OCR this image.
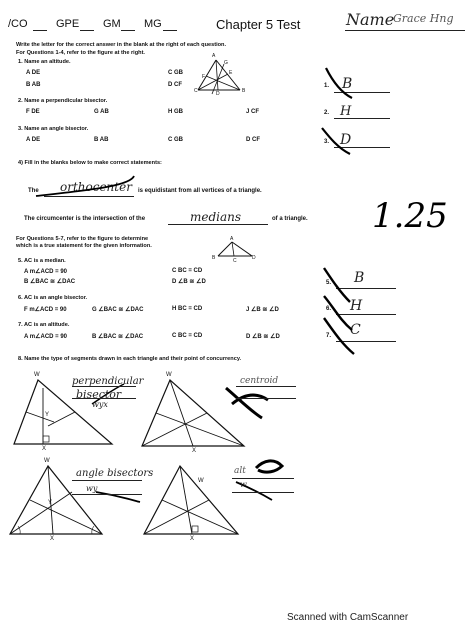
/CO	GPE GM MG	Chapter 5 Test	Name
Grace Hng
Write the letter for the correct answer in the blank at the right of each question.
For Questions 1-4, refer to the figure at the right.
1. Name an altitude.
A DE	C GB
B AB	D CF	1. B
A
C	B
D
E
F
G
2. Name a perpendicular bisector.
F DE	G AB	H GB	J CF	2. H
3. Name an angle bisector.
A DE	B AB	C GB	D CF	3. D
4) Fill in the blanks below to make correct statements:
The orthocenter is equidistant from all vertices of a triangle.
The circumcenter is the intersection of the	medians	of a triangle. 1.25
For Questions 5-7, refer to the figure to determine
which is a true statement for the given information.
A
B	C	D
5. AC is a median.
A m∠ACD = 90	C BC = CD
B ∠BAC ≅ ∠DAC	D ∠B ≅ ∠D	5. B
6. AC is an angle bisector.
F m∠ACD = 90	G ∠BAC ≅ ∠DAC	H BC = CD	J ∠B ≅ ∠D	6. H
7. AC is an altitude.
A m∠ACD = 90	B ∠BAC ≅ ∠DAC	C BC = CD	D ∠B ≅ ∠D	7. C
8. Name the type of segments drawn in each triangle and their point of concurrency.
W
Y
X
perpendicular
bisector
wyx
W
X
centroid
W
Y
X
angle bisectors
wy
W
X
alt
w
Scanned with CamScanner
